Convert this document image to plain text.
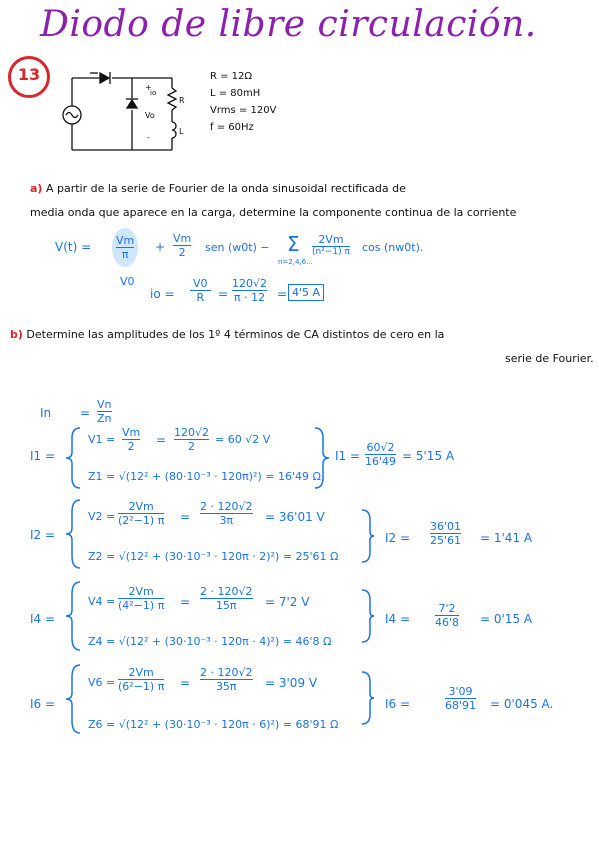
Diodo de libre circulación.
13
io
Vo
+
-
R
L
R = 12Ω
L = 80mH
Vrms = 120V
f = 60Hz
a) A partir de la serie de Fourier de la onda sinusoidal rectificada de
media onda que aparece en la carga, determine la componente continua de la corriente
$V(t) = \frac{Vm}{\pi} + \frac{Vm}{2}$ sen (w0t) − Σ
n=2,4,6...
2Vm
(n²−1) π cos (nw0t).
V0
io = $\frac{V0}{R}$ =
120√2
π · 12 = 4'5 A
b) Determine las amplitudes de los 1º 4 términos de CA distintos de cero en la
serie de Fourier.
$In = \frac{Vn}{Zn}$
I1 =
$V1 = \frac{Vm}{2}$ =
120√2
2
= 60 √2 V
Z1 = √(12² + (80·10⁻³ · 120π)²) = 16'49 Ω
$I1 = \frac{60√2}{16'49} = 5'15$ A
I2 =
$V2 = \frac{2Vm}{\text{(2²−1) π}}$ =
2 · 120√2
3π	= 36'01 V
Z2 = √(12² + (30·10⁻³ · 120π · 2)²) = 25'61 Ω
$I2 = \frac{36'01}{25'61} = 1'41$ A
I4 =
$V4 = \frac{2Vm}{\text{(4²−1) π}}$ =
2 · 120√2
15π	= 7'2 V
Z4 = √(12² + (30·10⁻³ · 120π · 4)²) = 46'8 Ω
$I4 = \frac{7'2}{46'8} = 0'15$ A
I6 =
$V6 = \frac{2Vm}{\text{(6²−1) π}}$ =
2 · 120√2
35π	= 3'09 V
Z6 = √(12² + (30·10⁻³ · 120π · 6)²) = 68'91 Ω
I6 =	$\frac{3'09}{68'91} = 0'045$ A.
